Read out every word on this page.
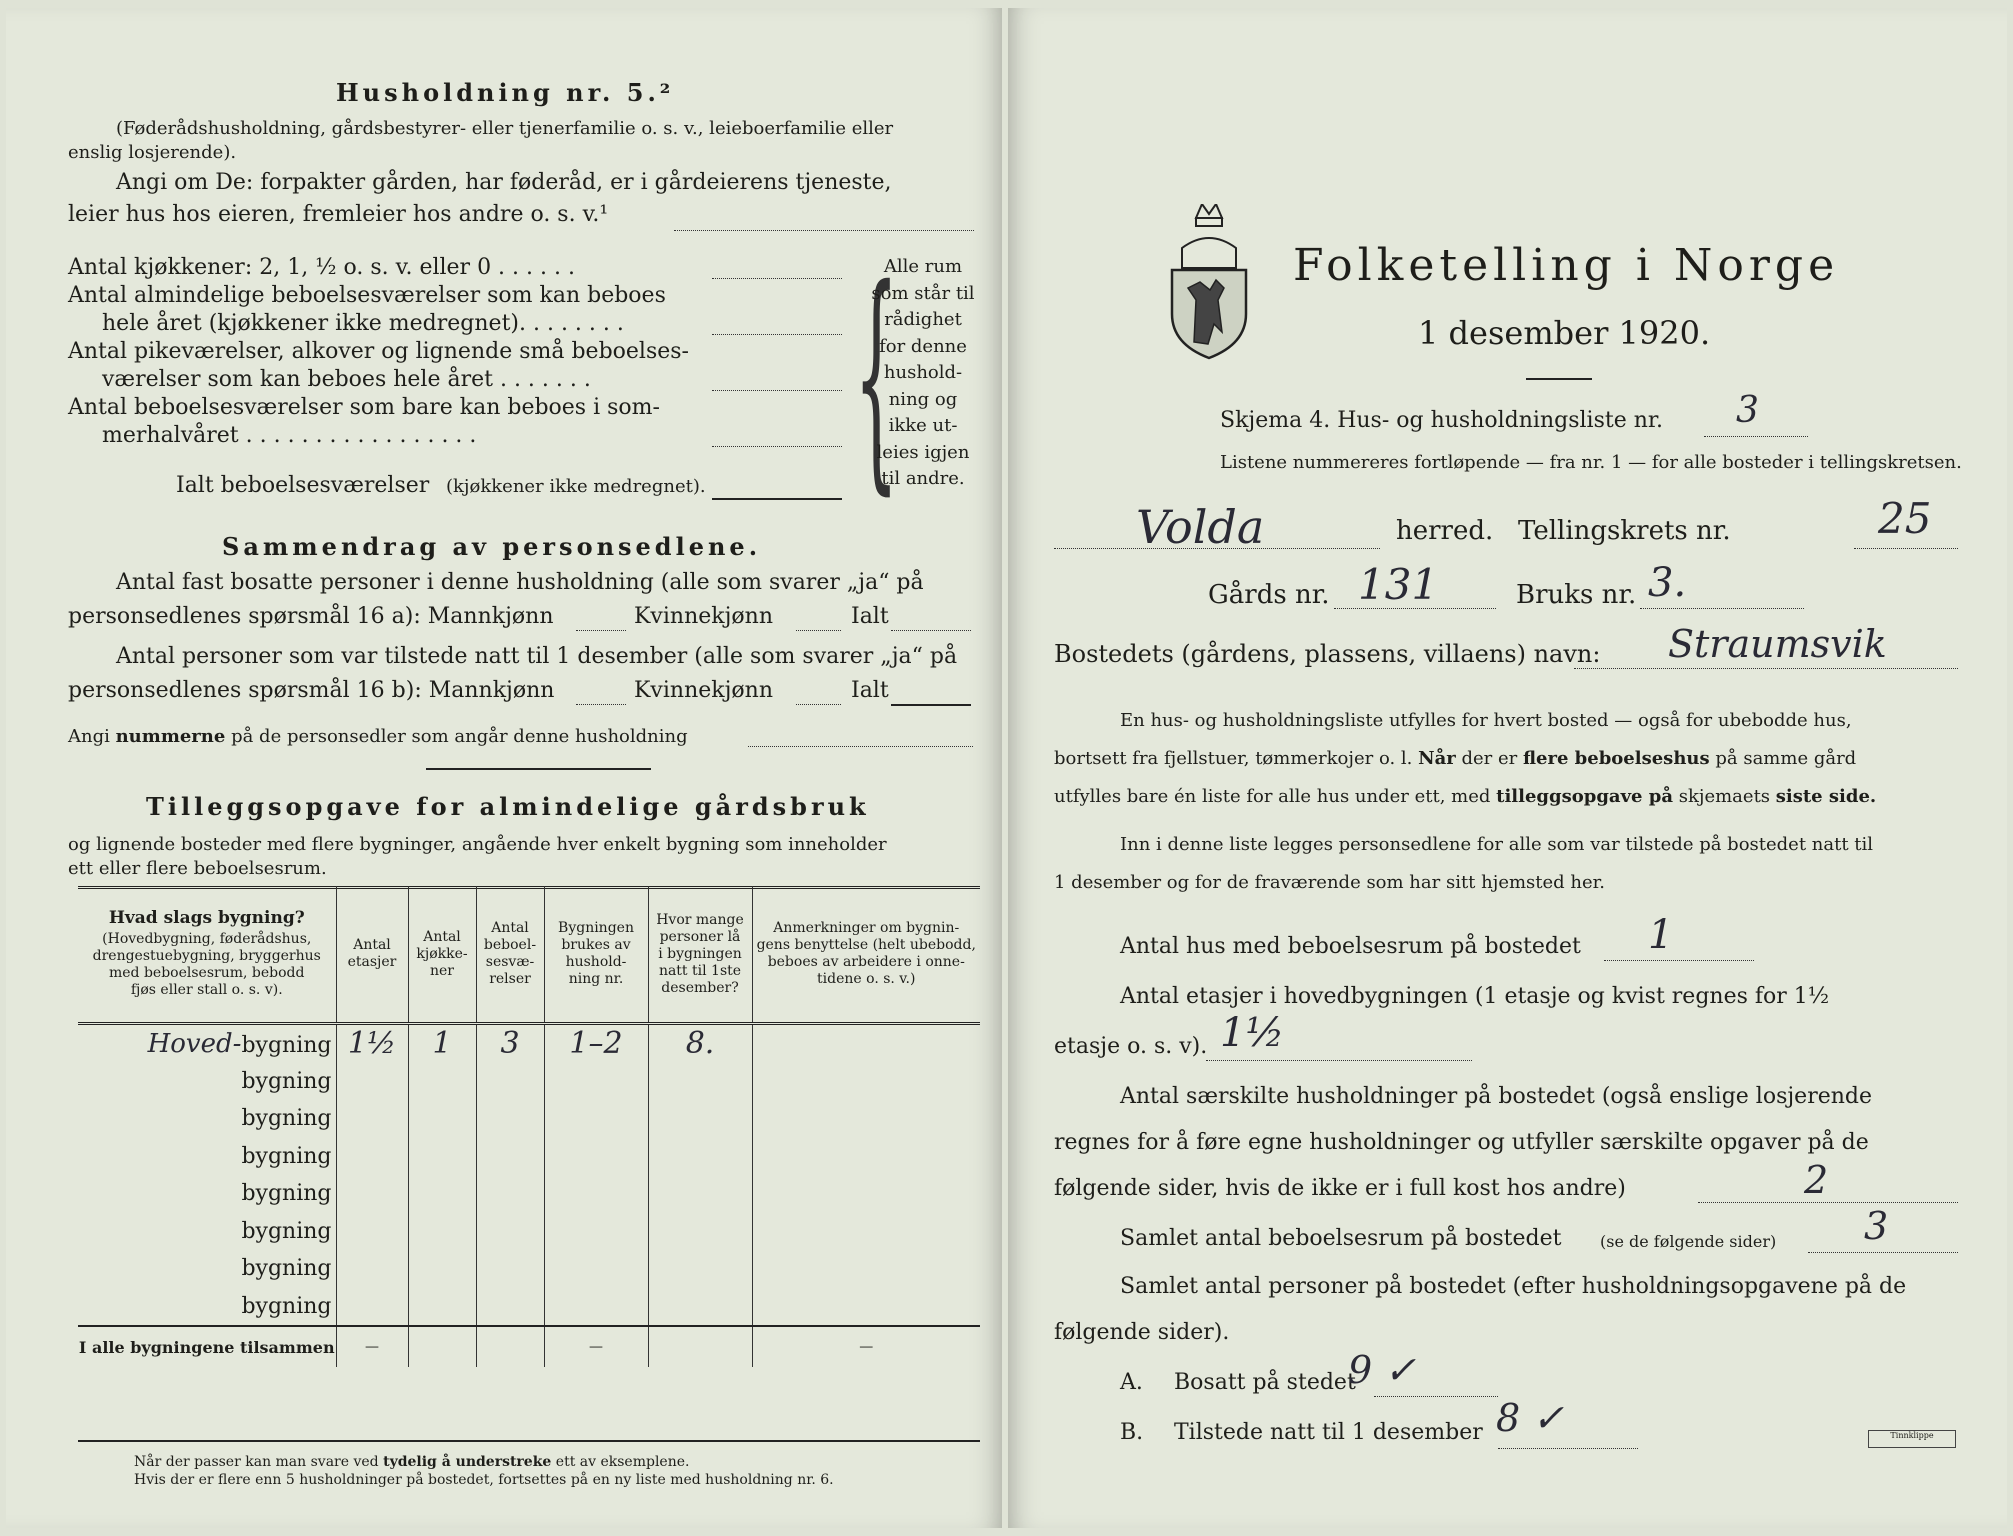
Husholdning nr. 5.²
(Føderådshusholdning, gårdsbestyrer- eller tjenerfamilie o. s. v., leieboerfamilie eller
enslig losjerende).
Angi om De: forpakter gården, har føderåd, er i gårdeierens tjeneste,
leier hus hos eieren, fremleier hos andre o. s. v.¹
Antal kjøkkener: 2, 1, ½ o. s. v. eller 0 . . . . . .
Antal almindelige beboelsesværelser som kan beboes
hele året (kjøkkener ikke medregnet). . . . . . . .
Antal pikeværelser, alkover og lignende små beboelses-
værelser som kan beboes hele året . . . . . . .
Antal beboelsesværelser som bare kan beboes i som-
merhalvåret . . . . . . . . . . . . . . . . .
Ialt beboelsesværelser (kjøkkener ikke medregnet). {
Alle rum
som står til
rådighet
for denne
hushold-
ning og
ikke ut-
leies igjen
til andre.
Sammendrag av personsedlene.
Antal fast bosatte personer i denne husholdning (alle som svarer „ja“ på
personsedlenes spørsmål 16 a): Mannkjønn	Kvinnekjønn	Ialt
Antal personer som var tilstede natt til 1 desember (alle som svarer „ja“ på
personsedlenes spørsmål 16 b): Mannkjønn	Kvinnekjønn	Ialt
Angi nummerne på de personsedler som angår denne husholdning
Tilleggsopgave for almindelige gårdsbruk
og lignende bosteder med flere bygninger, angående hver enkelt bygning som inneholder
ett eller flere beboelsesrum.
Hvad slags bygning?
(Hovedbygning, føderådshus,
drengestuebygning, bryggerhus
med beboelsesrum, bebodd
fjøs eller stall o. s. v).	Antal
etasjer	Antal
kjøkke-
ner	Antal
beboel-
sesvæ-
relser	Bygningen
brukes av
hushold-
ning nr.	Hvor mange
personer lå
i bygningen
natt til 1ste
desember?	Anmerkninger om bygnin-
gens benyttelse (helt ubebodd,
beboes av arbeidere i onne-
tidene o. s. v.)

Hoved-bygning	1½	1	3	1–2	8.	
bygning						
bygning						
bygning						
bygning						
bygning						
bygning						
bygning						
I alle bygningene tilsammen	—			—		—
Når der passer kan man svare ved tydelig å understreke ett av eksemplene.
Hvis der er flere enn 5 husholdninger på bostedet, fortsettes på en ny liste med husholdning nr. 6.
Folketelling i Norge
1 desember 1920.
Skjema 4. Hus- og husholdningsliste nr. 3
Listene nummereres fortløpende — fra nr. 1 — for alle bosteder i tellingskretsen.
Volda	herred. Tellingskrets nr.	25
Gårds nr. 131	Bruks nr. 3.
Bostedets (gårdens, plassens, villaens) navn: Straumsvik
En hus- og husholdningsliste utfylles for hvert bosted — også for ubebodde hus,
bortsett fra fjellstuer, tømmerkojer o. l. Når der er flere beboelseshus på samme gård
utfylles bare én liste for alle hus under ett, med tilleggsopgave på skjemaets siste side.
Inn i denne liste legges personsedlene for alle som var tilstede på bostedet natt til
1 desember og for de fraværende som har sitt hjemsted her.
Antal hus med beboelsesrum på bostedet 1
Antal etasjer i hovedbygningen (1 etasje og kvist regnes for 1½
etasje o. s. v). 1½
Antal særskilte husholdninger på bostedet (også enslige losjerende
regnes for å føre egne husholdninger og utfyller særskilte opgaver på de
følgende sider, hvis de ikke er i full kost hos andre)	2
Samlet antal beboelsesrum på bostedet (se de følgende sider) 3
Samlet antal personer på bostedet (efter husholdningsopgavene på de
følgende sider).
A. Bosatt på stedet
9 ✓
B. Tilstede natt til 1 desember 8 ✓	Tinnklippe
